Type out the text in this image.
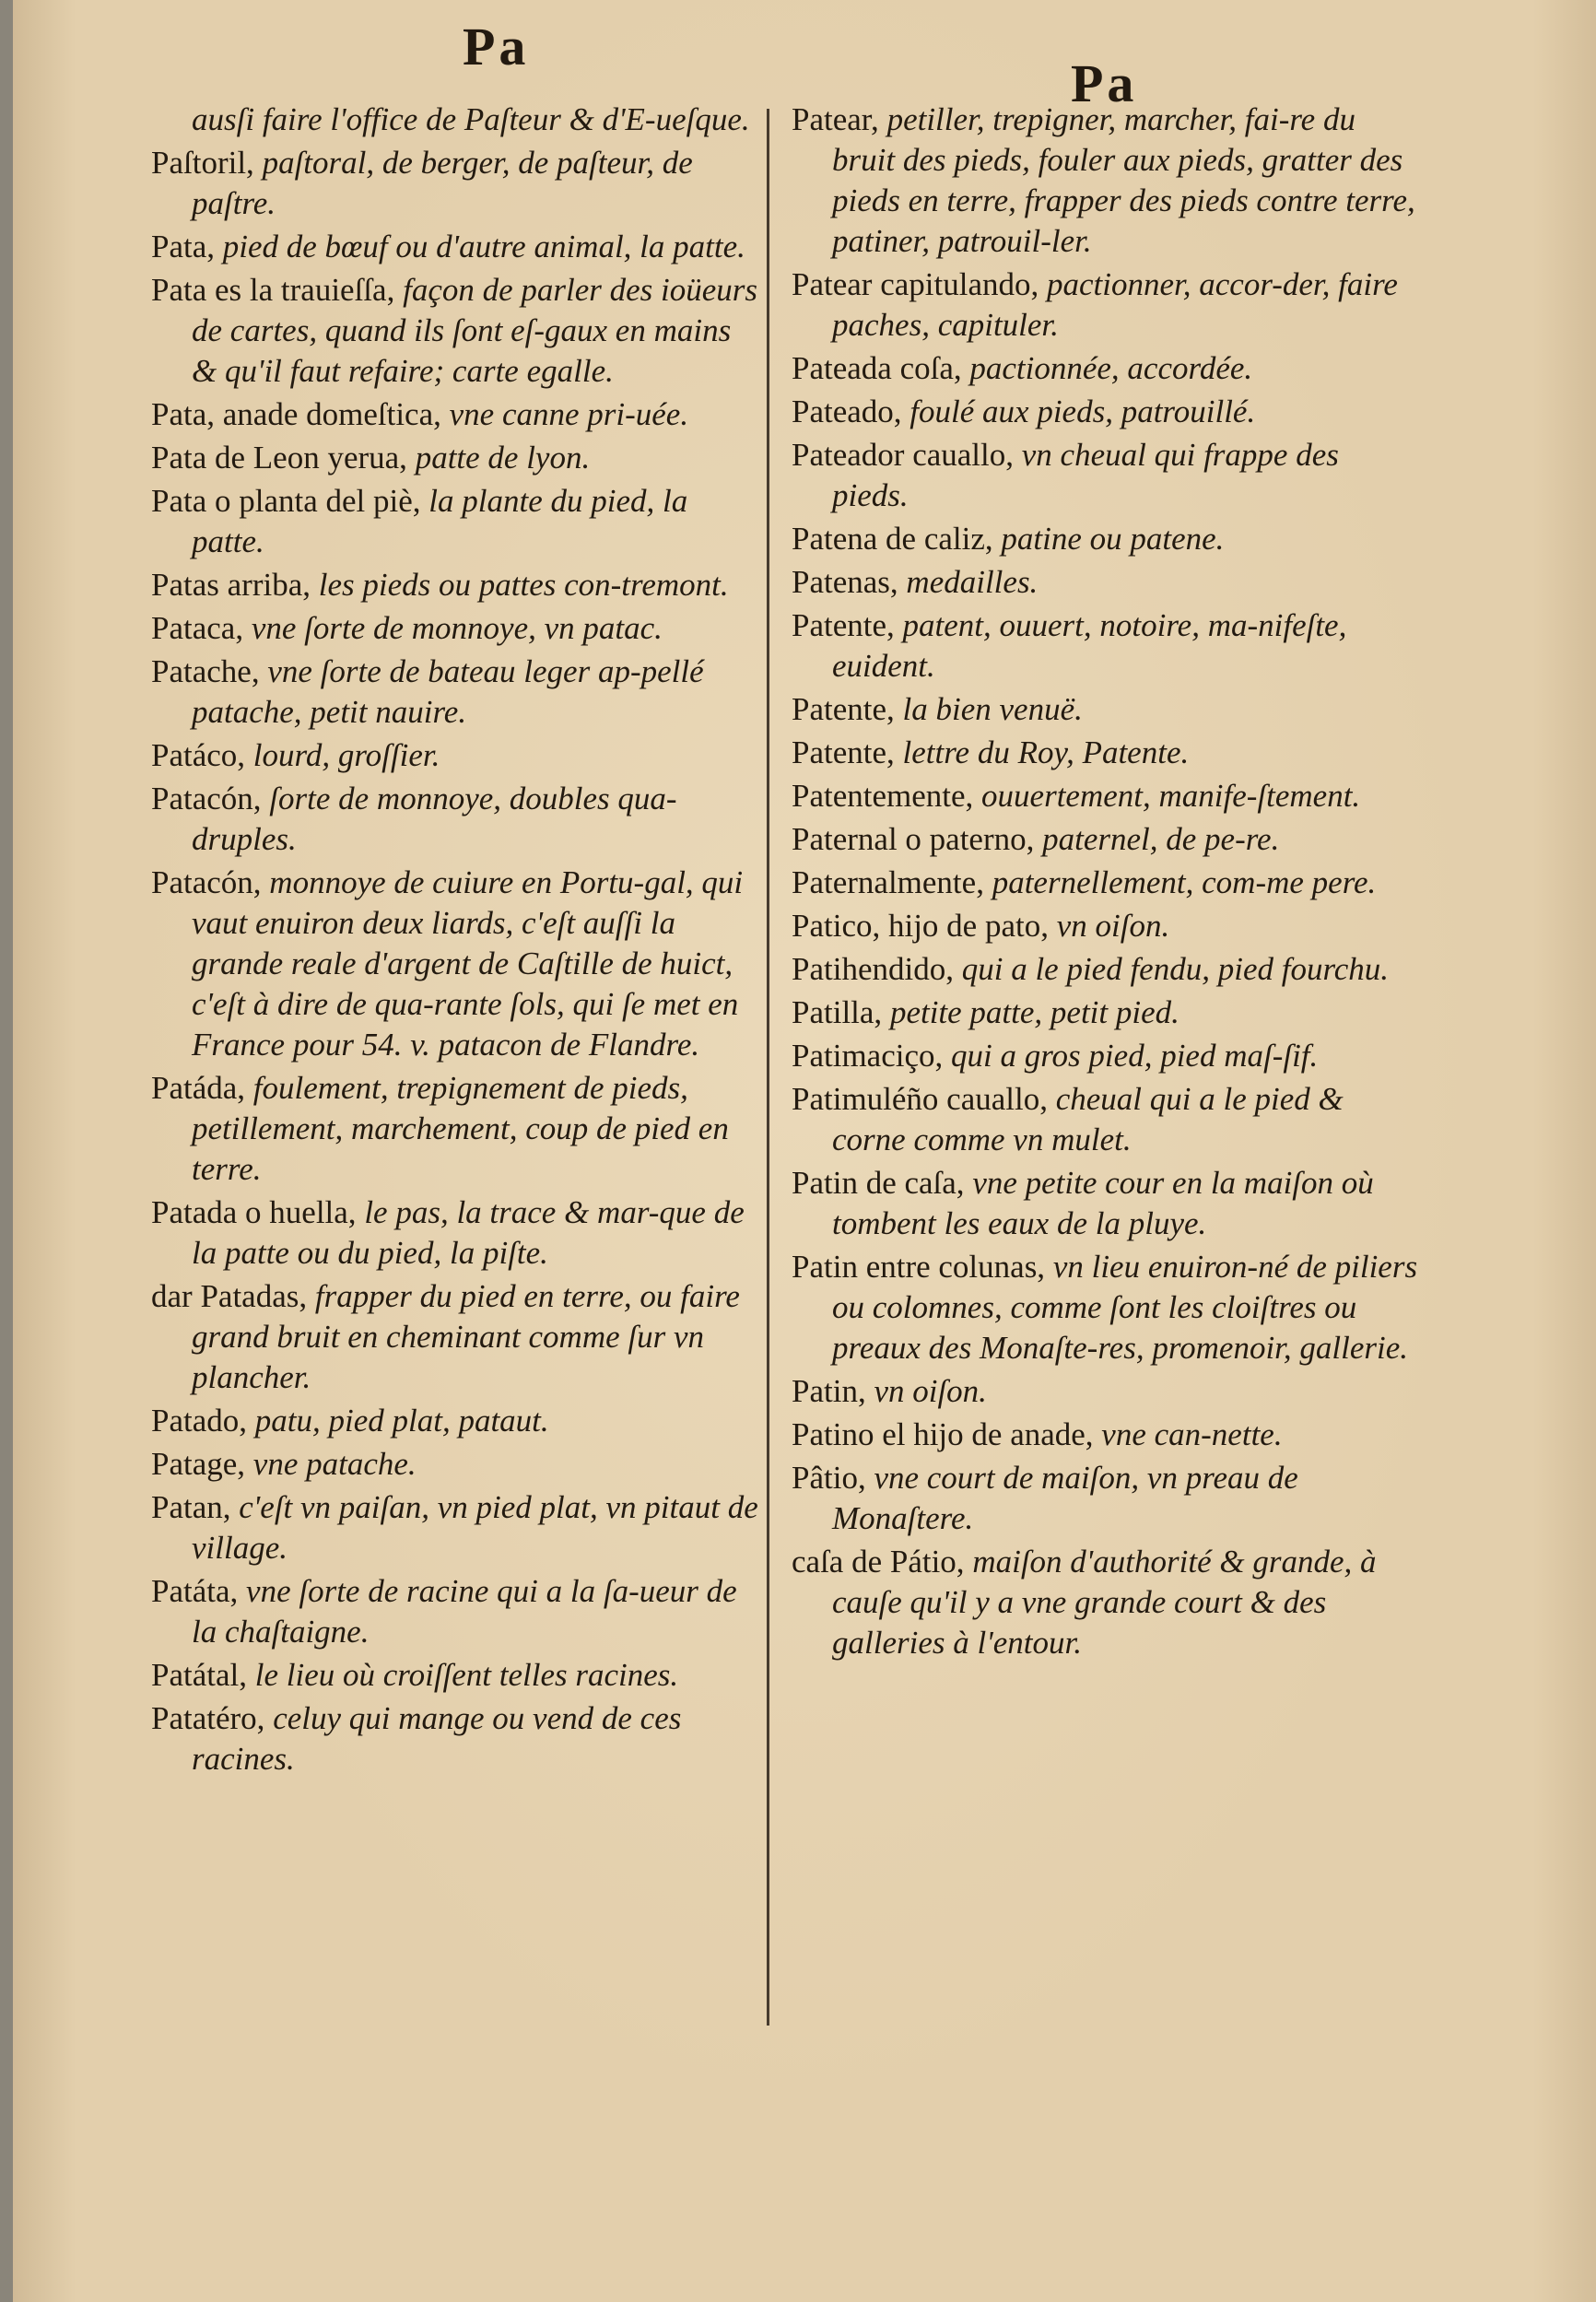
Pa
Pa
ausſi faire l'office de Paſteur & d'E-ueſque.
Paſtoril, paſtoral, de berger, de paſteur, de paſtre.
Pata, pied de bœuf ou d'autre animal, la patte.
Pata es la trauieſſa, façon de parler des ioüeurs de cartes, quand ils ſont eſ-gaux en mains & qu'il faut refaire; carte egalle.
Pata, anade domeſtica, vne canne pri-uée.
Pata de Leon yerua, patte de lyon.
Pata o planta del piè, la plante du pied, la patte.
Patas arriba, les pieds ou pattes con-tremont.
Pataca, vne ſorte de monnoye, vn patac.
Patache, vne ſorte de bateau leger ap-pellé patache, petit nauire.
Patáco, lourd, groſſier.
Patacón, ſorte de monnoye, doubles qua-druples.
Patacón, monnoye de cuiure en Portu-gal, qui vaut enuiron deux liards, c'eſt auſſi la grande reale d'argent de Caſtille de huict, c'eſt à dire de qua-rante ſols, qui ſe met en France pour 54. v. patacon de Flandre.
Patáda, foulement, trepignement de pieds, petillement, marchement, coup de pied en terre.
Patada o huella, le pas, la trace & mar-que de la patte ou du pied, la piſte.
dar Patadas, frapper du pied en terre, ou faire grand bruit en cheminant comme ſur vn plancher.
Patado, patu, pied plat, pataut.
Patage, vne patache.
Patan, c'eſt vn paiſan, vn pied plat, vn pitaut de village.
Patáta, vne ſorte de racine qui a la ſa-ueur de la chaſtaigne.
Patátal, le lieu où croiſſent telles racines.
Patatéro, celuy qui mange ou vend de ces racines.
Patear, petiller, trepigner, marcher, fai-re du bruit des pieds, fouler aux pieds, gratter des pieds en terre, frapper des pieds contre terre, patiner, patrouil-ler.
Patear capitulando, pactionner, accor-der, faire paches, capituler.
Pateada coſa, pactionnée, accordée.
Pateado, foulé aux pieds, patrouillé.
Pateador cauallo, vn cheual qui frappe des pieds.
Patena de caliz, patine ou patene.
Patenas, medailles.
Patente, patent, ouuert, notoire, ma-nifeſte, euident.
Patente, la bien venuë.
Patente, lettre du Roy, Patente.
Patentemente, ouuertement, manife-ſtement.
Paternal o paterno, paternel, de pe-re.
Paternalmente, paternellement, com-me pere.
Patico, hijo de pato, vn oiſon.
Patihendido, qui a le pied fendu, pied fourchu.
Patilla, petite patte, petit pied.
Patimaciço, qui a gros pied, pied maſ-ſif.
Patimuléño cauallo, cheual qui a le pied & corne comme vn mulet.
Patin de caſa, vne petite cour en la maiſon où tombent les eaux de la pluye.
Patin entre colunas, vn lieu enuiron-né de piliers ou colomnes, comme ſont les cloiſtres ou preaux des Monaſte-res, promenoir, gallerie.
Patin, vn oiſon.
Patino el hijo de anade, vne can-nette.
Pâtio, vne court de maiſon, vn preau de Monaſtere.
caſa de Pátio, maiſon d'authorité & grande, à cauſe qu'il y a vne grande court & des galleries à l'entour.
